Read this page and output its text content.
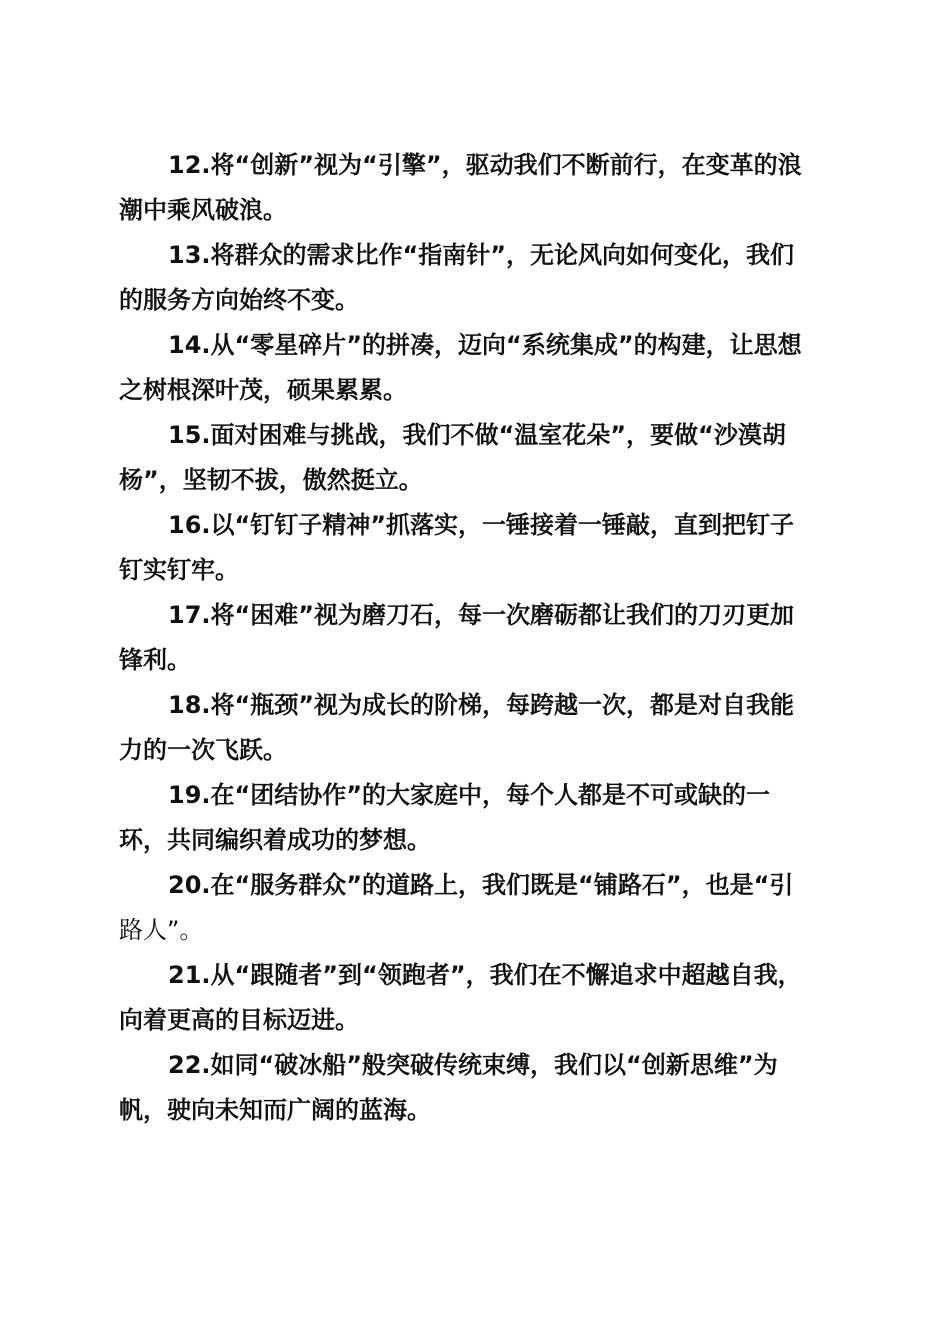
12.将“创新”视为“引擎”，驱动我们不断前行，在变革的浪
潮中乘风破浪。

13.将群众的需求比作“指南针”，无论风向如何变化，我们
的服务方向始终不变。

14.从“零星碎片”的拼凑，迈向“系统集成”的构建，让思想
之树根深叶茂，硕果累累。

15.面对困难与挑战，我们不做“温室花朵”，要做“沙漠胡
杨”，坚韧不拔，傲然挺立。

16.以“钉钉子精神”抓落实，一锤接着一锤敲，直到把钉子
钉实钉牢。

17.将“困难”视为磨刀石，每一次磨砺都让我们的刀刃更加
锋利。

18.将“瓶颈”视为成长的阶梯，每跨越一次，都是对自我能
力的一次飞跃。

19.在“团结协作”的大家庭中，每个人都是不可或缺的一
环，共同编织着成功的梦想。

20.在“服务群众”的道路上，我们既是“铺路石”，也是“引
路人”。

21.从“跟随者”到“领跑者”，我们在不懈追求中超越自我，
向着更高的目标迈进。

22.如同“破冰船”般突破传统束缚，我们以“创新思维”为
帆，驶向未知而广阔的蓝海。
